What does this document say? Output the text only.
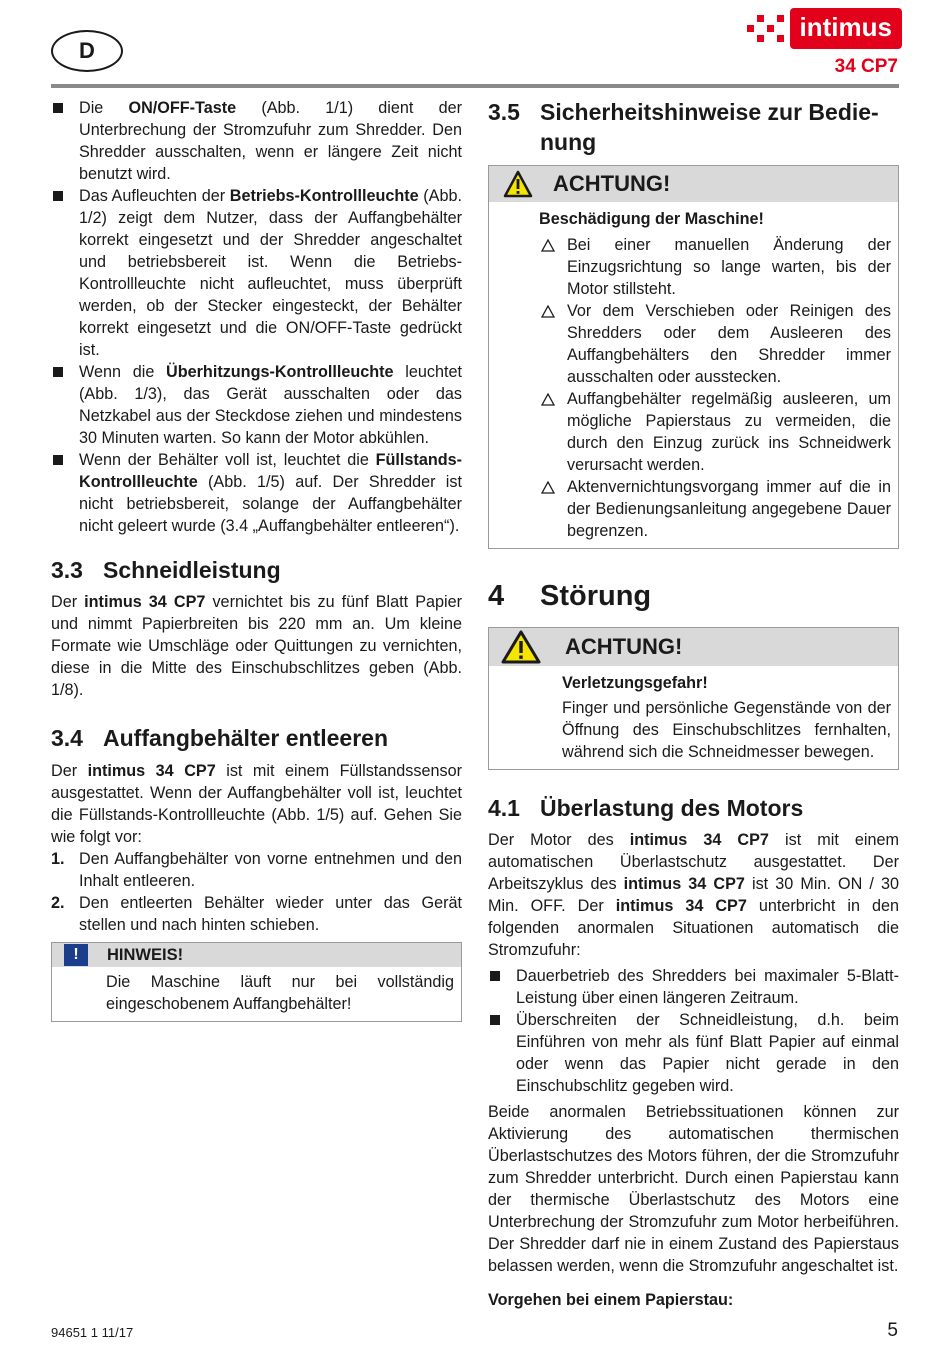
D
intimus
34 CP7
Die ON/OFF-Taste (Abb. 1/1) dient der Unterbrechung der Stromzufuhr zum Shredder. Den Shredder ausschalten, wenn er längere Zeit nicht benutzt wird.
Das Aufleuchten der Betriebs-Kontrollleuchte (Abb. 1/2) zeigt dem Nutzer, dass der Auffangbehälter korrekt eingesetzt und der Shredder angeschaltet und betriebsbereit ist. Wenn die Betriebs-Kontrollleuchte nicht aufleuchtet, muss überprüft werden, ob der Stecker eingesteckt, der Behälter korrekt eingesetzt und die ON/OFF-Taste gedrückt ist.
Wenn die Überhitzungs-Kontrollleuchte leuchtet (Abb. 1/3), das Gerät ausschalten oder das Netzkabel aus der Steckdose ziehen und mindestens 30 Minuten warten. So kann der Motor abkühlen.
Wenn der Behälter voll ist, leuchtet die Füllstands-Kontrollleuchte (Abb. 1/5) auf. Der Shredder ist nicht betriebsbereit, solange der Auffangbehälter nicht geleert wurde (3.4 „Auffangbehälter entleeren“).
3.3 Schneidleistung

Der intimus 34 CP7 vernichtet bis zu fünf Blatt Papier und nimmt Papierbreiten bis 220 mm an. Um kleine Formate wie Umschläge oder Quittungen zu vernichten, diese in die Mitte des Einschubschlitzes geben (Abb. 1/8).

3.4 Auffangbehälter entleeren

Der intimus 34 CP7 ist mit einem Füllstandssensor ausgestattet. Wenn der Auffangbehälter voll ist, leuchtet die Füllstands-Kontrollleuchte (Abb. 1/5) auf. Gehen Sie wie folgt vor:

1. Den Auffangbehälter von vorne entnehmen und den Inhalt entleeren.
2. Den entleerten Behälter wieder unter das Gerät stellen und nach hinten schieben.
!	HINWEIS!

Die Maschine läuft nur bei vollständig eingeschobenem Auffangbehälter!

3.5 Sicherheitshinweise zur Bedie-
nung
ACHTUNG!
Beschädigung der Maschine!
Bei einer manuellen Änderung der Einzugsrichtung so lange warten, bis der Motor stillsteht.
Vor dem Verschieben oder Reinigen des Shredders oder dem Ausleeren des Auffangbehälters den Shredder immer ausschalten oder ausstecken.
Auffangbehälter regelmäßig ausleeren, um mögliche Papierstaus zu vermeiden, die durch den Einzug zurück ins Schneidwerk verursacht werden.
Aktenvernichtungsvorgang immer auf die in der Bedienungsanleitung angegebene Dauer begrenzen.
4 Störung
ACHTUNG!
Verletzungsgefahr!

Finger und persönliche Gegenstände von der Öffnung des Einschubschlitzes fernhalten, während sich die Schneidmesser bewegen.

4.1 Überlastung des Motors

Der Motor des intimus 34 CP7 ist mit einem automatischen Überlastschutz ausgestattet. Der Arbeitszyklus des intimus 34 CP7 ist 30 Min. ON / 30 Min. OFF. Der intimus 34 CP7 unterbricht in den folgenden anormalen Situationen automatisch die Stromzufuhr:

Dauerbetrieb des Shredders bei maximaler 5-Blatt-Leistung über einen längeren Zeitraum.
Überschreiten der Schneidleistung, d.h. beim Einführen von mehr als fünf Blatt Papier auf einmal oder wenn das Papier nicht gerade in den Einschubschlitz gegeben wird.

Beide anormalen Betriebssituationen können zur Aktivierung des automatischen thermischen Überlastschutzes des Motors führen, der die Stromzufuhr zum Shredder unterbricht. Durch einen Papierstau kann der thermische Überlastschutz des Motors eine Unterbrechung der Stromzufuhr zum Motor herbeiführen. Der Shredder darf nie in einem Zustand des Papierstaus belassen werden, wenn die Stromzufuhr angeschaltet ist.

Vorgehen bei einem Papierstau:

94651 1 11/17	5
